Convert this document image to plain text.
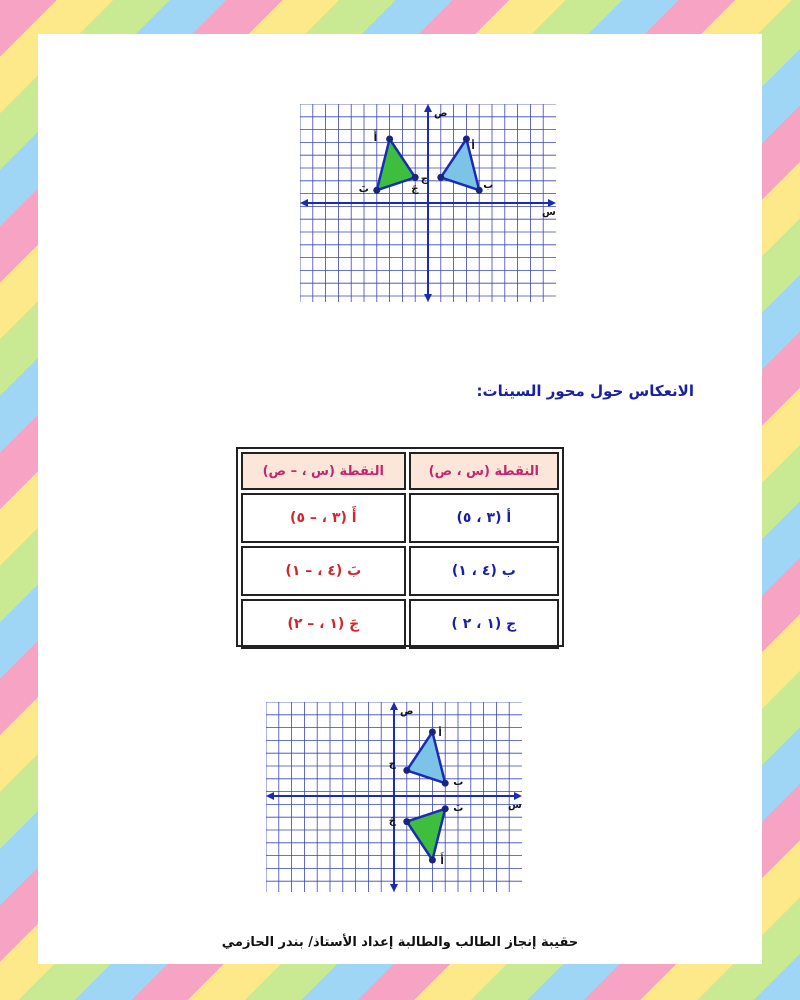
س
ص
أَ
بَ	جَ
أ
ب
ج
الانعكاس حول محور السينات:
النقطة (س ، ص)	النقطة (س ، – ص)
أ (٣ ، ٥)	أَ (٣ ، – ٥)
ب (٤ ، ١)	بَ (٤ ، – ١)
ج (١ ، ٢ )	جَ (١ ، – ٢)
س
ص
أَ
بَ
جَ
أ
ب
ج
حقيبة إنجاز الطالب والطالبة إعداد الأستاذ/ بندر الحازمي
